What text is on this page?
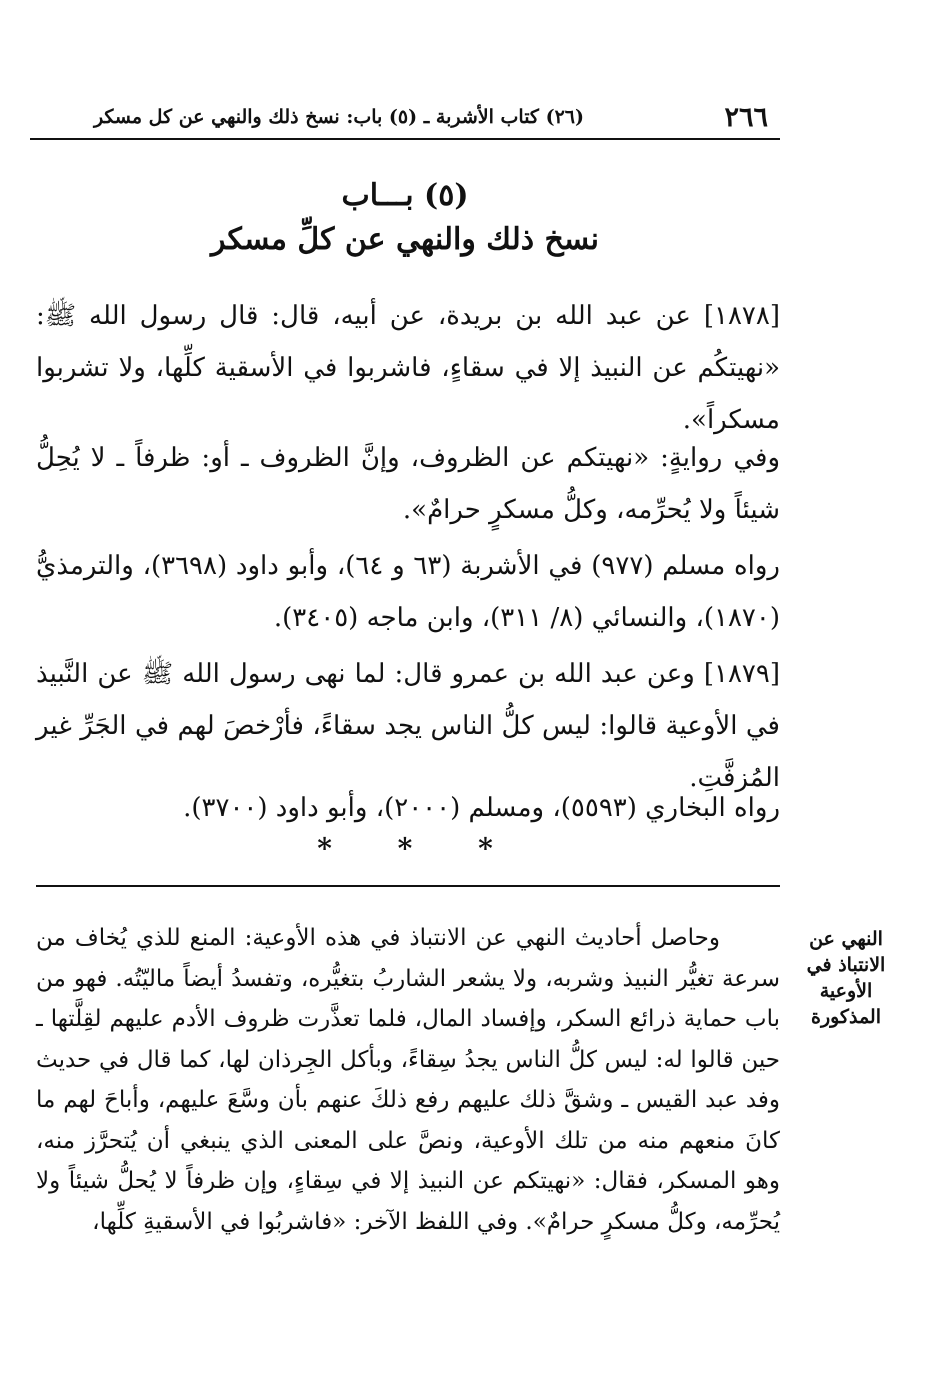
٢٦٦
(٢٦) كتاب الأشربة ـ (٥) باب: نسخ ذلك والنهي عن كل مسكر
(٥) بـــاب
نسخ ذلك والنهي عن كلِّ مسكر

[١٨٧٨] عن عبد الله بن بريدة، عن أبيه، قال: قال رسول الله ﷺ: «نهيتكُم عن النبيذ إلا في سقاءٍ، فاشربوا في الأسقية كلِّها، ولا تشربوا مسكراً».

وفي روايةٍ: «نهيتكم عن الظروف، وإنَّ الظروف ـ أو: ظرفاً ـ لا يُحِلُّ شيئاً ولا يُحرِّمه، وكلُّ مسكرٍ حرامٌ».

رواه مسلم (٩٧٧) في الأشربة (٦٣ و ٦٤)، وأبو داود (٣٦٩٨)، والترمذيُّ (١٨٧٠)، والنسائي (٨/ ٣١١)، وابن ماجه (٣٤٠٥).

[١٨٧٩] وعن عبد الله بن عمرو قال: لما نهى رسول الله ﷺ عن النَّبيذ في الأوعية قالوا: ليس كلُّ الناس يجد سقاءً، فأرْخصَ لهم في الجَرِّ غير المُزفَّتِ.

رواه البخاري (٥٥٩٣)، ومسلم (٢٠٠٠)، وأبو داود (٣٧٠٠).

* * *
النهي عن الانتباذ في الأوعية المذكورة

وحاصل أحاديث النهي عن الانتباذ في هذه الأوعية: المنع للذي يُخاف من سرعة تغيُّر النبيذ وشربه، ولا يشعر الشاربُ بتغيُّره، وتفسدُ أيضاً ماليّتُه. فهو من باب حماية ذرائع السكر، وإفساد المال، فلما تعذَّرت ظروف الأدم عليهم لقِلَّتها ـ حين قالوا له: ليس كلُّ الناس يجدُ سِقاءً، وبأكل الجِرذان لها، كما قال في حديث وفد عبد القيس ـ وشقَّ ذلك عليهم رفع ذلكَ عنهم بأن وسَّعَ عليهم، وأباحَ لهم ما كانَ منعهم منه من تلك الأوعية، ونصَّ على المعنى الذي ينبغي أن يُتحرَّز منه، وهو المسكر، فقال: «نهيتكم عن النبيذ إلا في سِقاءٍ، وإن ظرفاً لا يُحلُّ شيئاً ولا يُحرِّمه، وكلُّ مسكرٍ حرامٌ». وفي اللفظ الآخر: «فاشربُوا في الأسقيةِ كلِّها،
